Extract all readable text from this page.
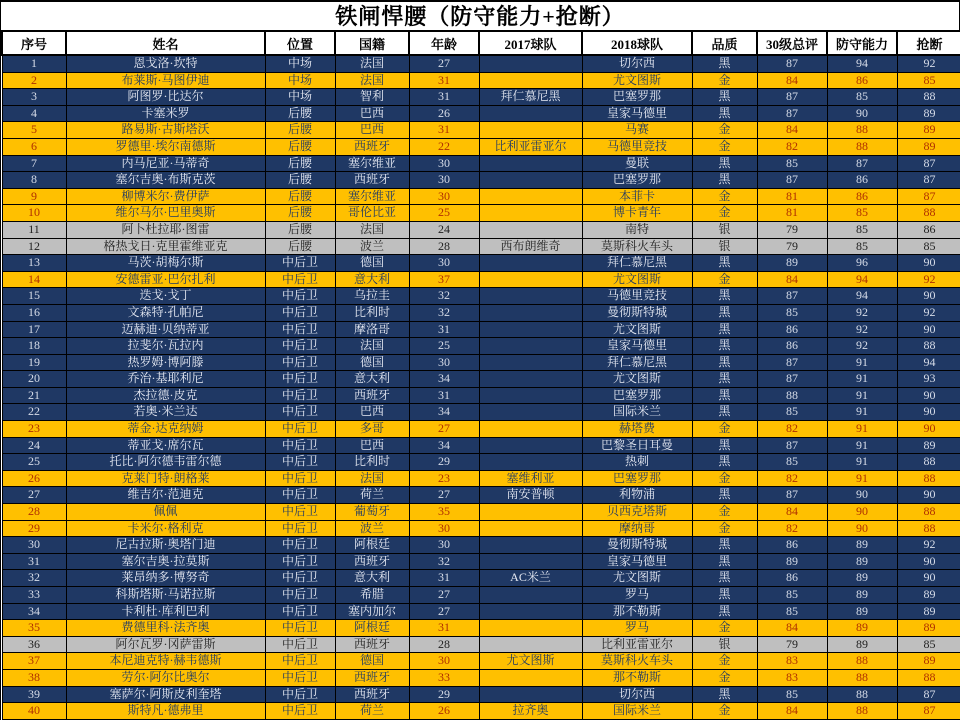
铁闸悍腰（防守能力+抢断）
序号	姓名	位置	国籍	年龄	2017球队	2018球队	品质	30级总评	防守能力	抢断
1	恩戈洛·坎特	中场	法国	27		切尔西	黑	87	94	92
2	布莱斯·马图伊迪	中场	法国	31		尤文图斯	金	84	86	85
3	阿图罗·比达尔	中场	智利	31	拜仁慕尼黑	巴塞罗那	黑	87	85	88
4	卡塞米罗	后腰	巴西	26		皇家马德里	黑	87	90	89
5	路易斯·古斯塔沃	后腰	巴西	31		马赛	金	84	88	89
6	罗德里·埃尔南德斯	后腰	西班牙	22	比利亚雷亚尔	马德里竞技	金	82	88	89
7	内马尼亚·马蒂奇	后腰	塞尔维亚	30		曼联	黑	85	87	87
8	塞尔吉奥·布斯克茨	后腰	西班牙	30		巴塞罗那	黑	87	86	87
9	柳博米尔·费伊萨	后腰	塞尔维亚	30		本菲卡	金	81	86	87
10	维尔马尔·巴里奥斯	后腰	哥伦比亚	25		博卡青年	金	81	85	88
11	阿卜杜拉耶·图雷	后腰	法国	24		南特	银	79	85	86
12	格热戈日·克里霍维亚克	后腰	波兰	28	西布朗维奇	莫斯科火车头	银	79	85	85
13	马茨·胡梅尔斯	中后卫	德国	30		拜仁慕尼黑	黑	89	96	90
14	安德雷亚·巴尔扎利	中后卫	意大利	37		尤文图斯	金	84	94	92
15	迭戈·戈丁	中后卫	乌拉圭	32		马德里竞技	黑	87	94	90
16	文森特·孔帕尼	中后卫	比利时	32		曼彻斯特城	黑	85	92	92
17	迈赫迪·贝纳蒂亚	中后卫	摩洛哥	31		尤文图斯	黑	86	92	90
18	拉斐尔·瓦拉内	中后卫	法国	25		皇家马德里	黑	86	92	88
19	热罗姆·博阿滕	中后卫	德国	30		拜仁慕尼黑	黑	87	91	94
20	乔治·基耶利尼	中后卫	意大利	34		尤文图斯	黑	87	91	93
21	杰拉德·皮克	中后卫	西班牙	31		巴塞罗那	黑	88	91	90
22	若奥·米兰达	中后卫	巴西	34		国际米兰	黑	85	91	90
23	蒂金·达克纳姆	中后卫	多哥	27		赫塔费	金	82	91	90
24	蒂亚戈·席尔瓦	中后卫	巴西	34		巴黎圣日耳曼	黑	87	91	89
25	托比·阿尔德韦雷尔德	中后卫	比利时	29		热刺	黑	85	91	88
26	克莱门特·朗格莱	中后卫	法国	23	塞维利亚	巴塞罗那	金	82	91	88
27	维吉尔·范迪克	中后卫	荷兰	27	南安普顿	利物浦	黑	87	90	90
28	佩佩	中后卫	葡萄牙	35		贝西克塔斯	金	84	90	88
29	卡米尔·格利克	中后卫	波兰	30		摩纳哥	金	82	90	88
30	尼古拉斯·奥塔门迪	中后卫	阿根廷	30		曼彻斯特城	黑	86	89	92
31	塞尔吉奥·拉莫斯	中后卫	西班牙	32		皇家马德里	黑	89	89	90
32	莱昂纳多·博努奇	中后卫	意大利	31	AC米兰	尤文图斯	黑	86	89	90
33	科斯塔斯·马诺拉斯	中后卫	希腊	27		罗马	黑	85	89	89
34	卡利杜·库利巴利	中后卫	塞内加尔	27		那不勒斯	黑	85	89	89
35	费德里科·法齐奥	中后卫	阿根廷	31		罗马	金	84	89	89
36	阿尔瓦罗·冈萨雷斯	中后卫	西班牙	28		比利亚雷亚尔	银	79	89	85
37	本尼迪克特·赫韦德斯	中后卫	德国	30	尤文图斯	莫斯科火车头	金	83	88	89
38	劳尔·阿尔比奥尔	中后卫	西班牙	33		那不勒斯	金	83	88	88
39	塞萨尔·阿斯皮利奎塔	中后卫	西班牙	29		切尔西	黑	85	88	87
40	斯特凡·德弗里	中后卫	荷兰	26	拉齐奥	国际米兰	金	84	88	87
